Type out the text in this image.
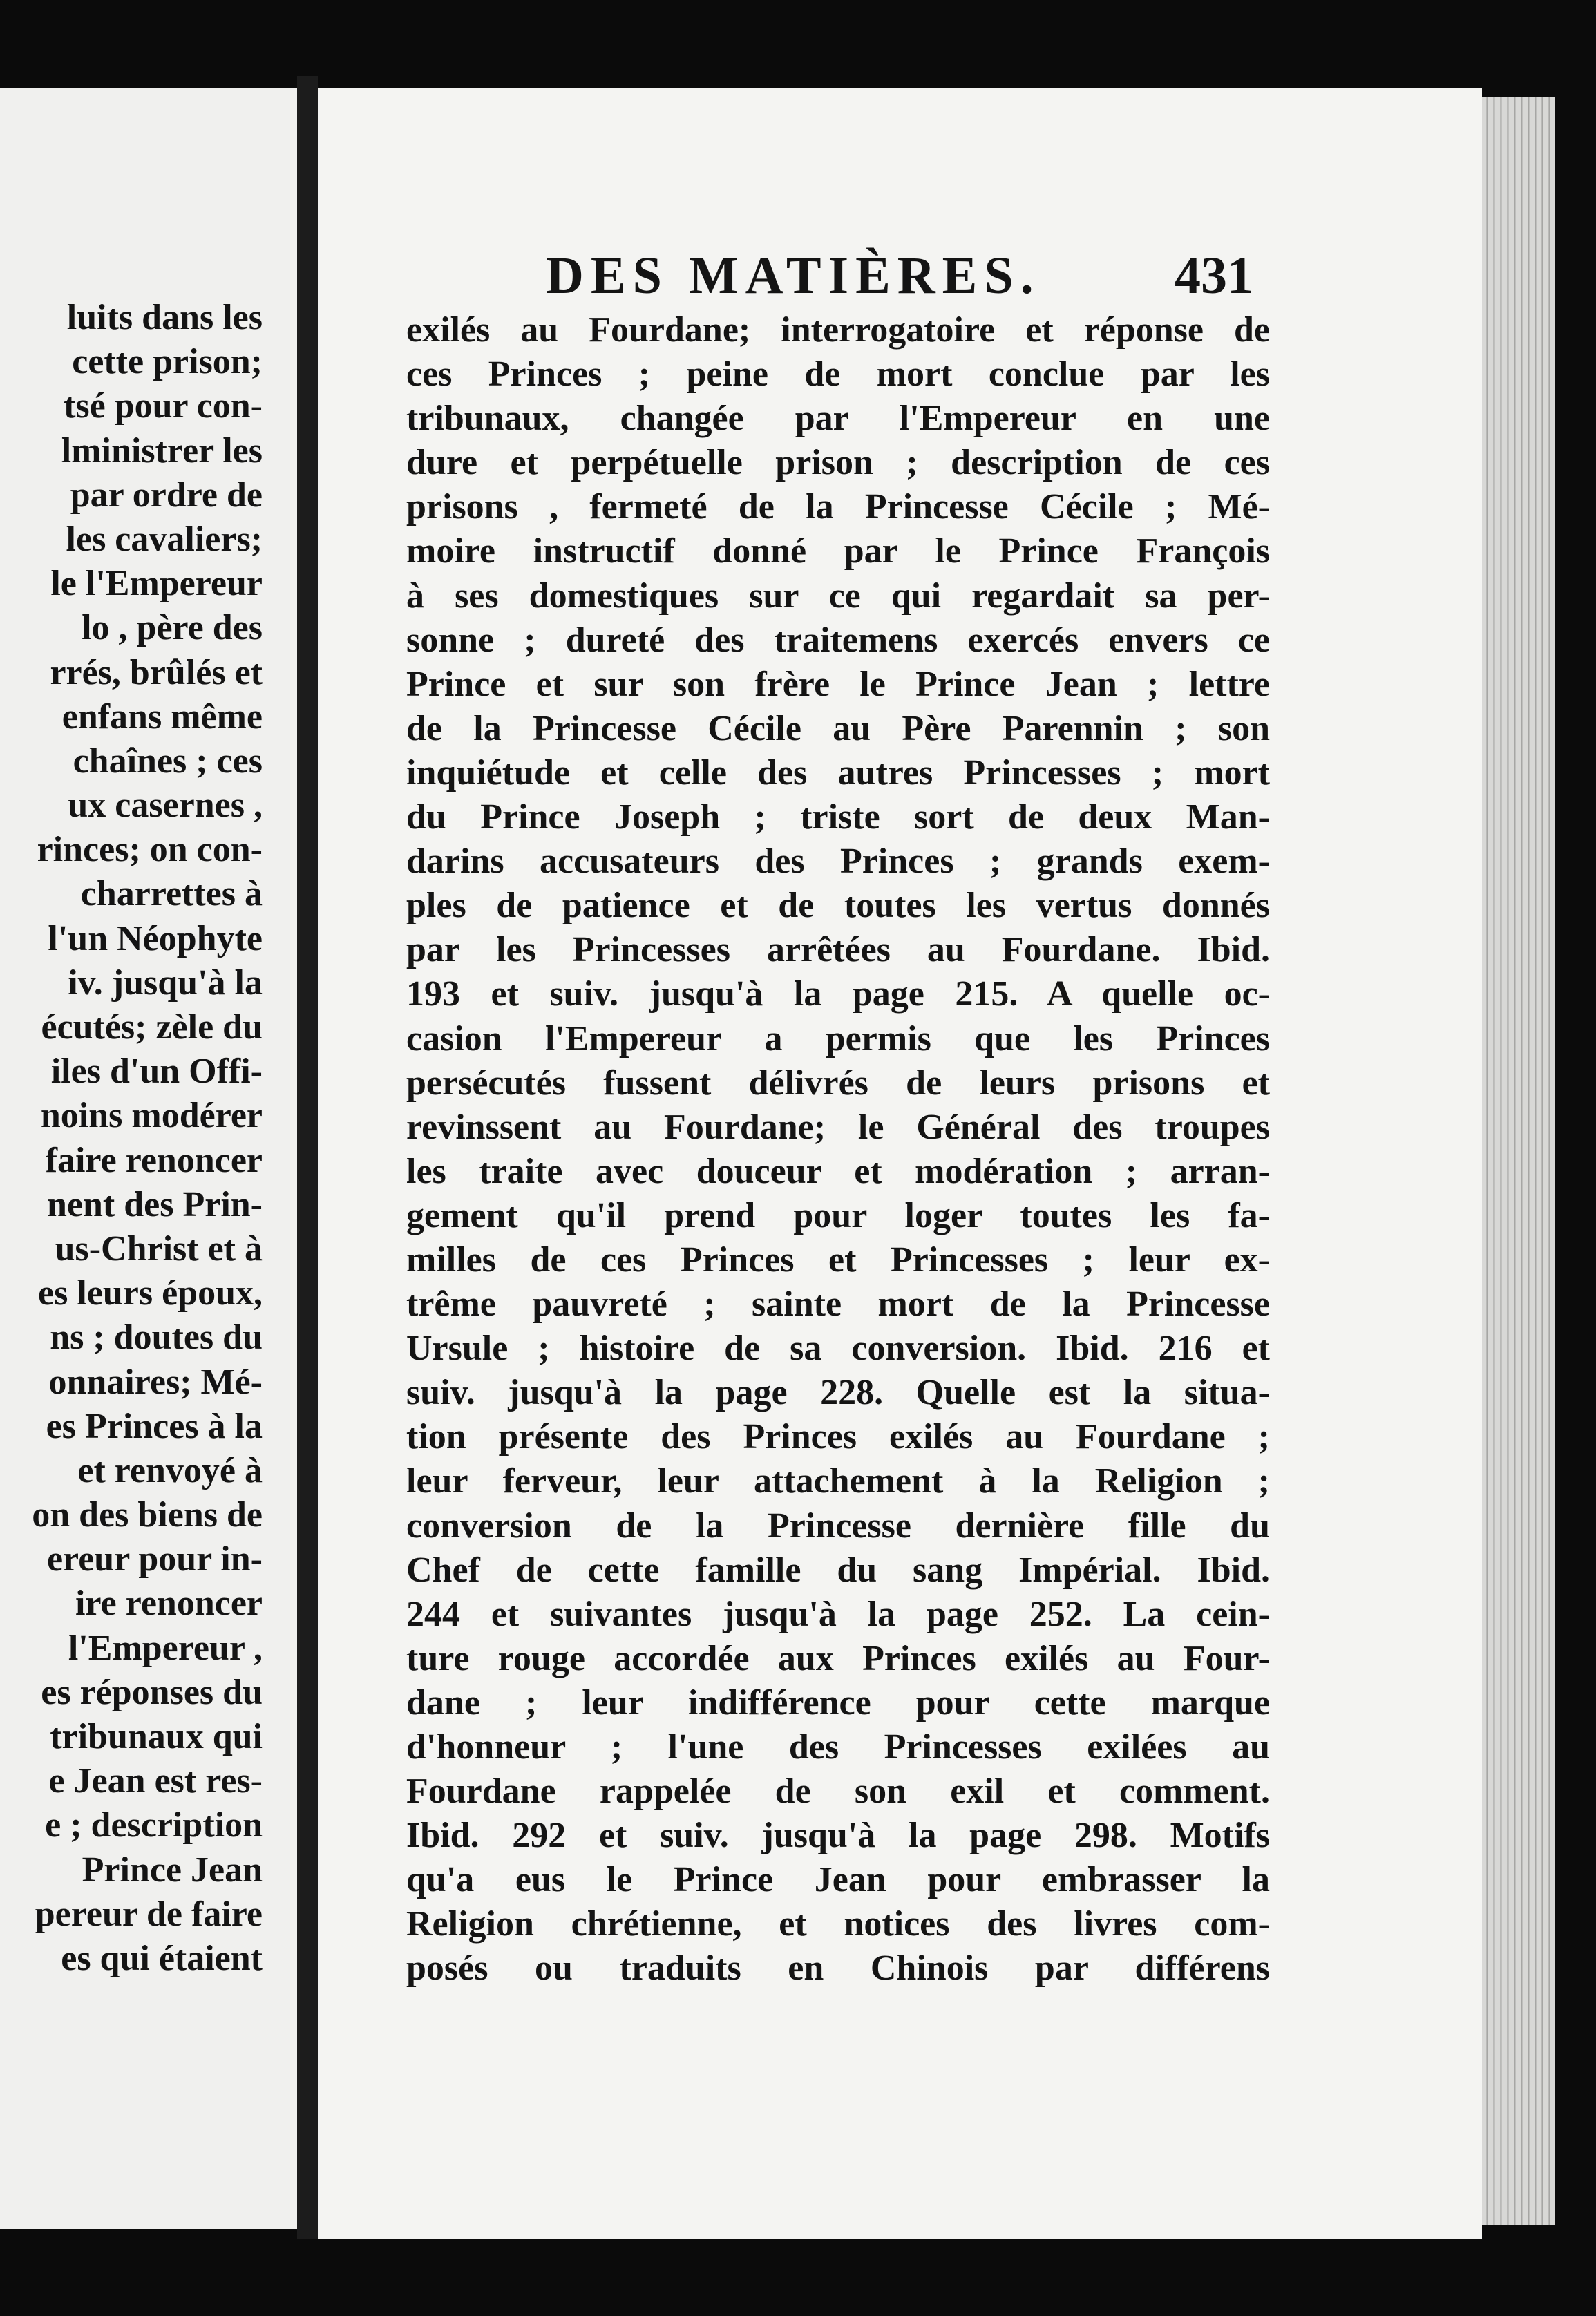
luits dans les
cette prison;
tsé pour con-
lministrer les
par ordre de
les cavaliers;
le l'Empereur
lo , père des
rrés, brûlés et
enfans même
chaînes ; ces
ux casernes ,
rinces; on con-
charrettes à
l'un Néophyte
iv. jusqu'à la
écutés; zèle du
iles d'un Offi-
noins modérer
faire renoncer
nent des Prin-
us-Christ et à
es leurs époux,
ns ; doutes du
onnaires; Mé-
es Princes à la
et renvoyé à
on des biens de
ereur pour in-
ire renoncer
l'Empereur ,
es réponses du
tribunaux qui
e Jean est res-
e ; description
Prince Jean
pereur de faire
es qui étaient
DES MATIÈRES.	431
exilés au Fourdane; interrogatoire et réponse de
ces Princes ; peine de mort conclue par les
tribunaux, changée par l'Empereur en une
dure et perpétuelle prison ; description de ces
prisons , fermeté de la Princesse Cécile ; Mé-
moire instructif donné par le Prince François
à ses domestiques sur ce qui regardait sa per-
sonne ; dureté des traitemens exercés envers ce
Prince et sur son frère le Prince Jean ; lettre
de la Princesse Cécile au Père Parennin ; son
inquiétude et celle des autres Princesses ; mort
du Prince Joseph ; triste sort de deux Man-
darins accusateurs des Princes ; grands exem-
ples de patience et de toutes les vertus donnés
par les Princesses arrêtées au Fourdane. Ibid.
193 et suiv. jusqu'à la page 215. A quelle oc-
casion l'Empereur a permis que les Princes
persécutés fussent délivrés de leurs prisons et
revinssent au Fourdane; le Général des troupes
les traite avec douceur et modération ; arran-
gement qu'il prend pour loger toutes les fa-
milles de ces Princes et Princesses ; leur ex-
trême pauvreté ; sainte mort de la Princesse
Ursule ; histoire de sa conversion. Ibid. 216 et
suiv. jusqu'à la page 228. Quelle est la situa-
tion présente des Princes exilés au Fourdane ;
leur ferveur, leur attachement à la Religion ;
conversion de la Princesse dernière fille du
Chef de cette famille du sang Impérial. Ibid.
244 et suivantes jusqu'à la page 252. La cein-
ture rouge accordée aux Princes exilés au Four-
dane ; leur indifférence pour cette marque
d'honneur ; l'une des Princesses exilées au
Fourdane rappelée de son exil et comment.
Ibid. 292 et suiv. jusqu'à la page 298. Motifs
qu'a eus le Prince Jean pour embrasser la
Religion chrétienne, et notices des livres com-
posés ou traduits en Chinois par différens
